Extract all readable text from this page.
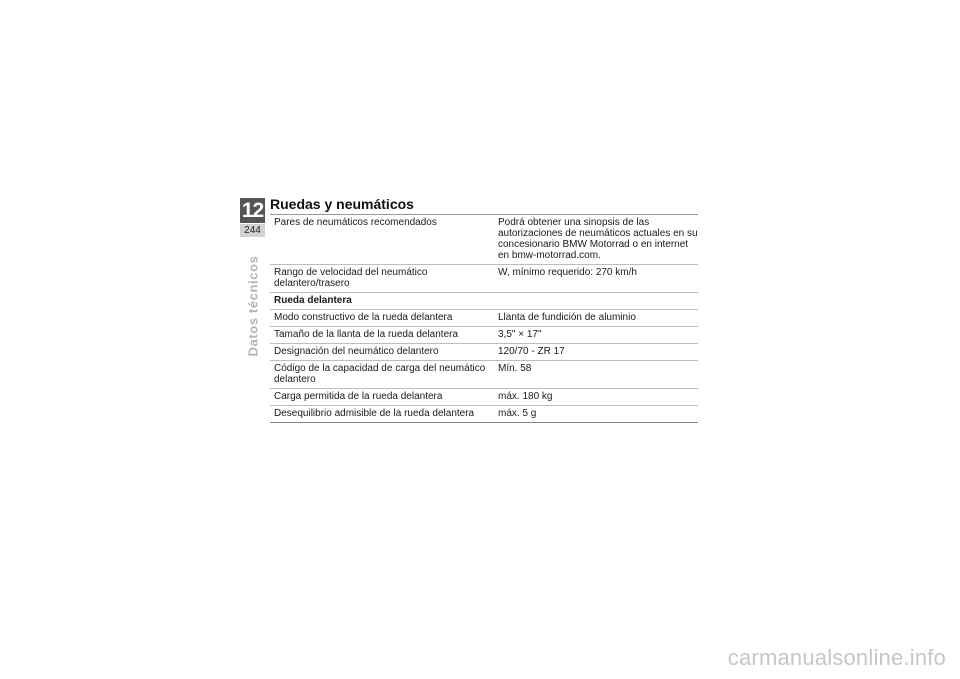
12
244
Datos técnicos
Ruedas y neumáticos
Pares de neumáticos recomendados	Podrá obtener una sinopsis de las autorizaciones de neumáticos actuales en su concesionario BMW Motorrad o en internet en bmw-motorrad.com.
Rango de velocidad del neumático delantero/trasero	W, mínimo requerido: 270 km/h
Rueda delantera	
Modo constructivo de la rueda delantera	Llanta de fundición de aluminio
Tamaño de la llanta de la rueda delantera	3,5" × 17"
Designación del neumático delantero	120/70 - ZR 17
Código de la capacidad de carga del neumático delantero	Mín. 58
Carga permitida de la rueda delantera	máx. 180 kg
Desequilibrio admisible de la rueda delantera	máx. 5 g
carmanualsonline.info
